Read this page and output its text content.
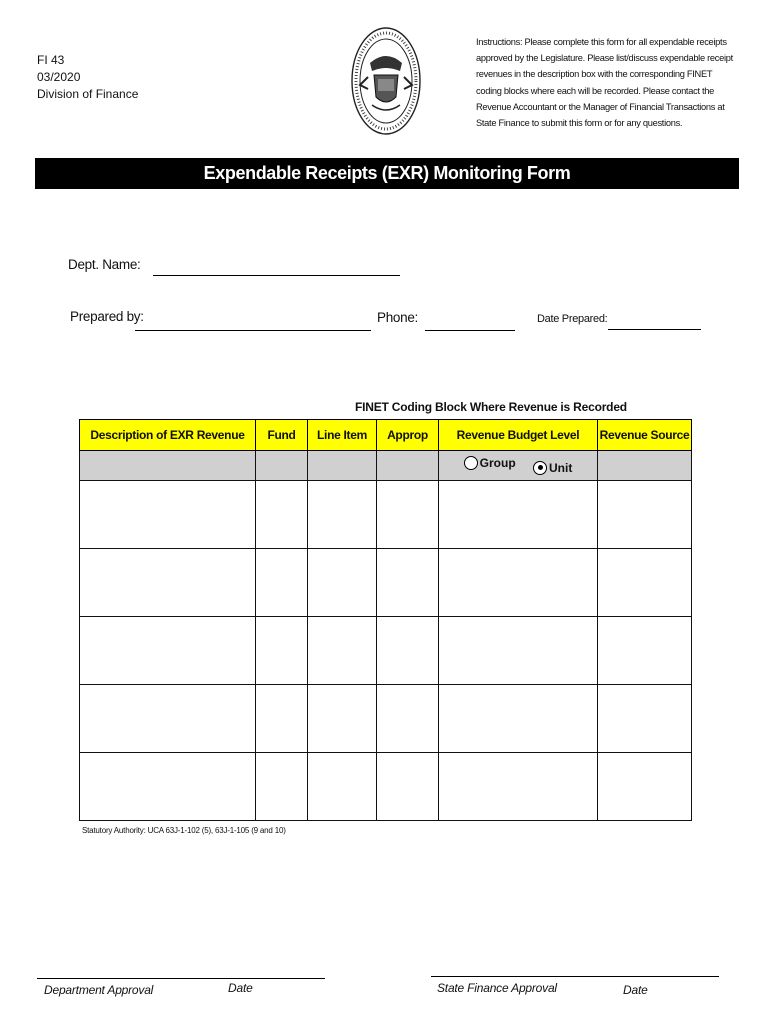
FI 43
03/2020
Division of Finance
Instructions: Please complete this form for all expendable receipts approved by the Legislature. Please list/discuss expendable receipt revenues in the description box with the corresponding FINET coding blocks where each will be recorded. Please contact the Revenue Accountant or the Manager of Financial Transactions at State Finance to submit this form or for any questions.
Expendable Receipts (EXR) Monitoring Form
Dept. Name:
Prepared by:	Phone:	Date Prepared:
FINET Coding Block Where Revenue is Recorded
Description of EXR Revenue	Fund	Line Item	Approp	Revenue Budget Level	Revenue Source

				Group
Unit	

Statutory Authority: UCA 63J-1-102 (5), 63J-1-105 (9 and 10)
Department Approval	Date	State Finance Approval	Date
